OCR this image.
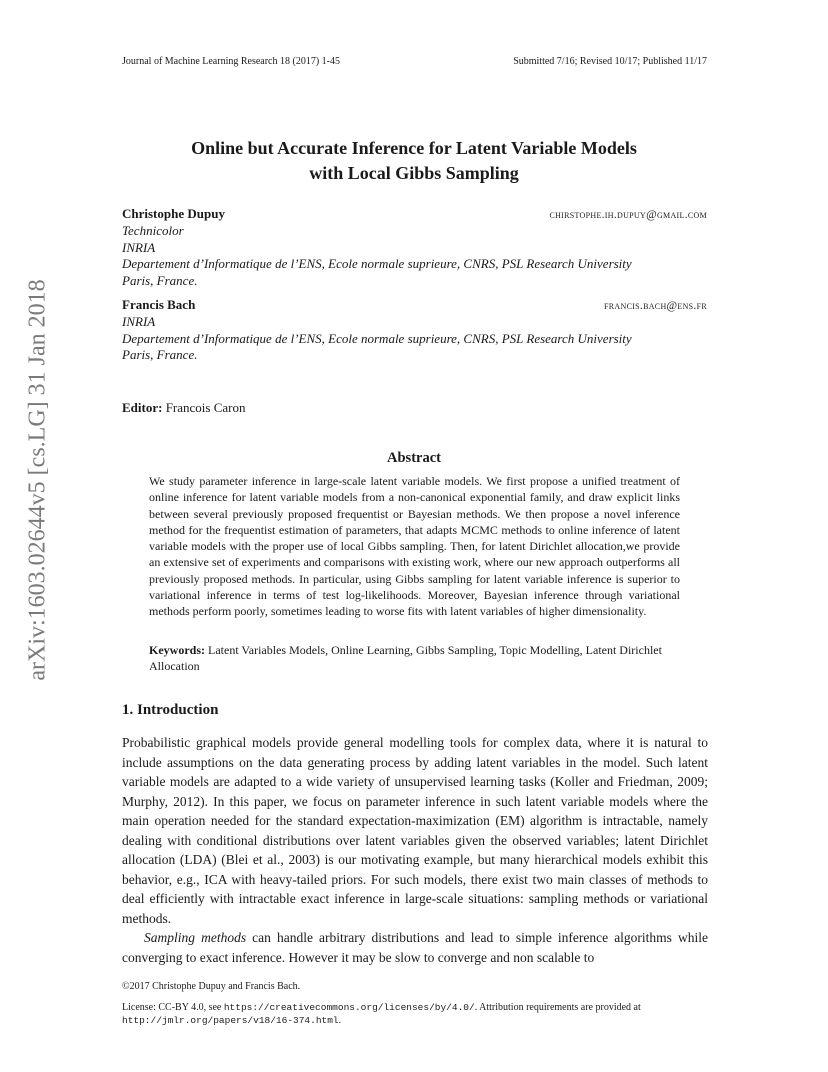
Journal of Machine Learning Research 18 (2017) 1-45	Submitted 7/16; Revised 10/17; Published 11/17
arXiv:1603.02644v5 [cs.LG] 31 Jan 2018
Online but Accurate Inference for Latent Variable Models
with Local Gibbs Sampling
Christophe Dupuy	chirstophe.ih.dupuy@gmail.com
Technicolor
INRIA
Departement d’Informatique de l’ENS, Ecole normale suprieure, CNRS, PSL Research University
Paris, France.
Francis Bach	francis.bach@ens.fr
INRIA
Departement d’Informatique de l’ENS, Ecole normale suprieure, CNRS, PSL Research University
Paris, France.
Editor: Francois Caron
Abstract
We study parameter inference in large-scale latent variable models. We first propose a unified treatment of online inference for latent variable models from a non-canonical exponential family, and draw explicit links between several previously proposed frequentist or Bayesian methods. We then propose a novel inference method for the frequentist estimation of parameters, that adapts MCMC methods to online inference of latent variable models with the proper use of local Gibbs sampling. Then, for latent Dirichlet allocation,we provide an extensive set of experiments and comparisons with existing work, where our new approach outperforms all previously proposed methods. In particular, using Gibbs sampling for latent variable inference is superior to variational inference in terms of test log-likelihoods. Moreover, Bayesian inference through variational methods perform poorly, sometimes leading to worse fits with latent variables of higher dimensionality.
Keywords: Latent Variables Models, Online Learning, Gibbs Sampling, Topic Modelling, Latent Dirichlet Allocation
1. Introduction

Probabilistic graphical models provide general modelling tools for complex data, where it is natural to include assumptions on the data generating process by adding latent variables in the model. Such latent variable models are adapted to a wide variety of unsupervised learning tasks (Koller and Friedman, 2009; Murphy, 2012). In this paper, we focus on parameter inference in such latent variable models where the main operation needed for the standard expectation-maximization (EM) algorithm is intractable, namely dealing with conditional distributions over latent variables given the observed variables; latent Dirichlet allocation (LDA) (Blei et al., 2003) is our motivating example, but many hierarchical models exhibit this behavior, e.g., ICA with heavy-tailed priors. For such models, there exist two main classes of methods to deal efficiently with intractable exact inference in large-scale situations: sampling methods or variational methods.

Sampling methods can handle arbitrary distributions and lead to simple inference algorithms while converging to exact inference. However it may be slow to converge and non scalable to

©2017 Christophe Dupuy and Francis Bach.
License: CC-BY 4.0, see https://creativecommons.org/licenses/by/4.0/. Attribution requirements are provided at
http://jmlr.org/papers/v18/16-374.html.
